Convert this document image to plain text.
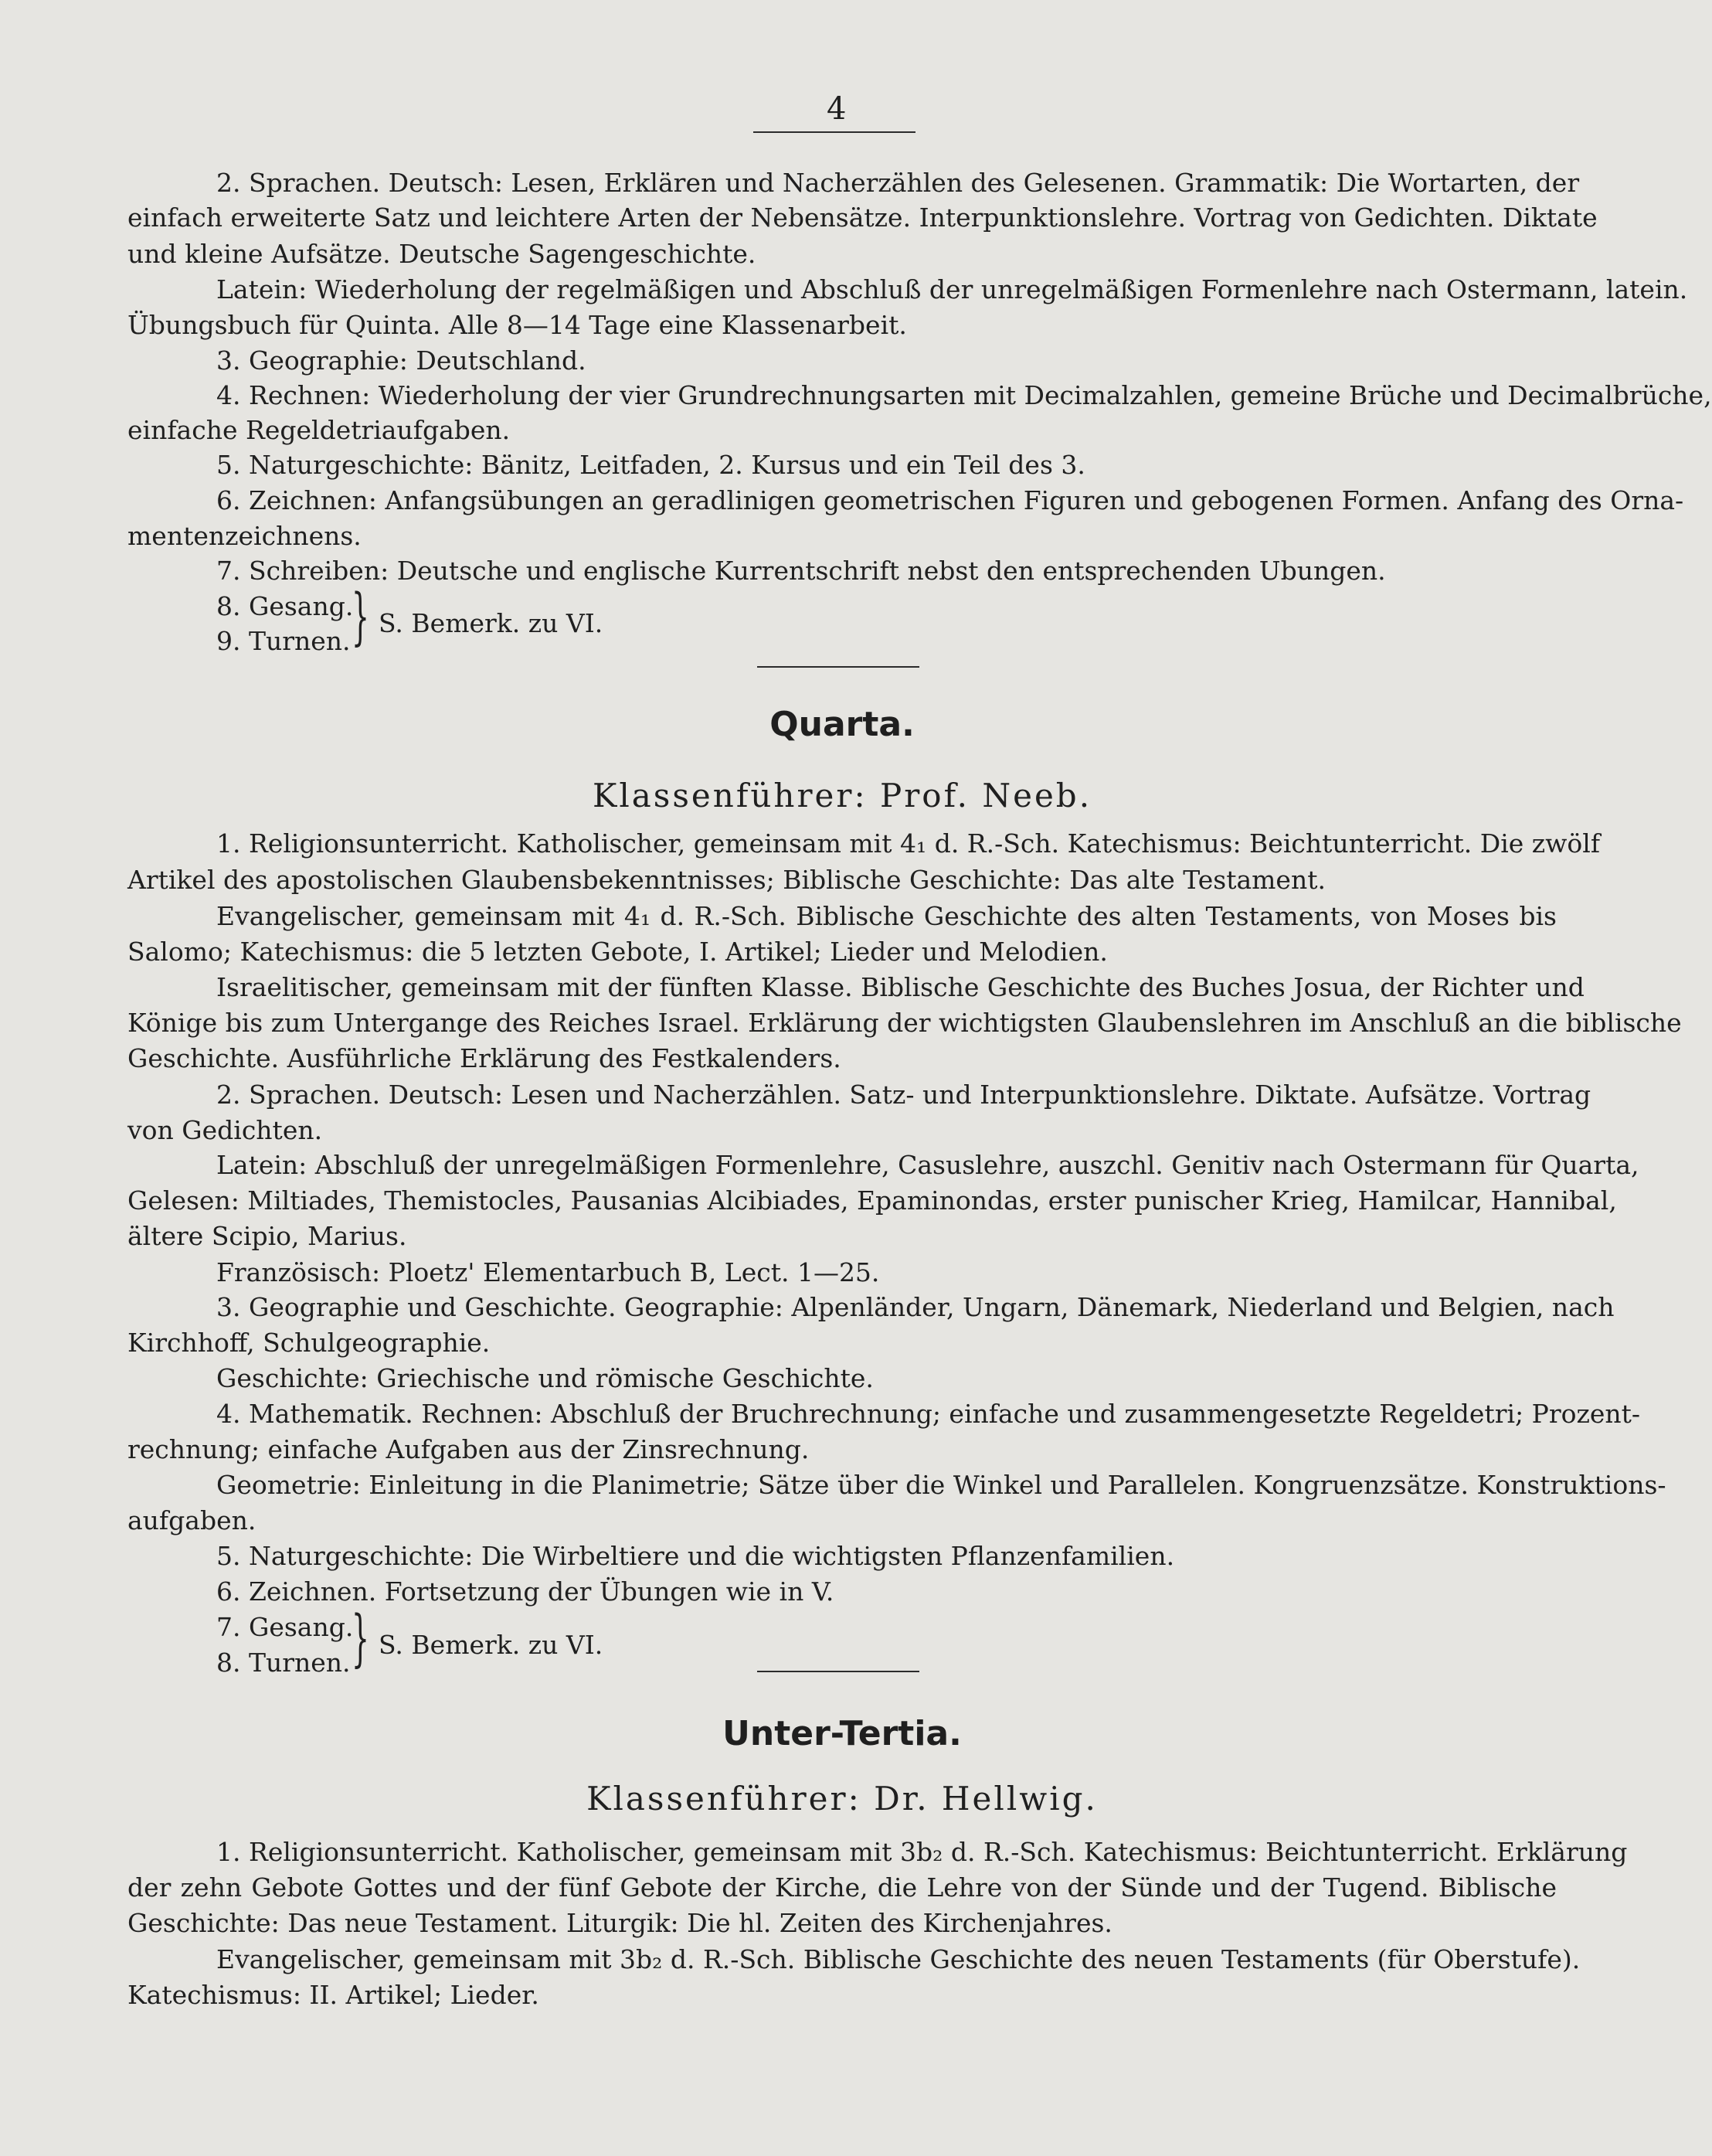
4
2. Sprachen. Deutsch: Lesen, Erklären und Nacherzählen des Gelesenen. Grammatik: Die Wortarten, der
einfach erweiterte Satz und leichtere Arten der Nebensätze. Interpunktionslehre. Vortrag von Gedichten. Diktate
und kleine Aufsätze. Deutsche Sagengeschichte.
Latein: Wiederholung der regelmäßigen und Abschluß der unregelmäßigen Formenlehre nach Ostermann, latein.
Übungsbuch für Quinta. Alle 8—14 Tage eine Klassenarbeit.
3. Geographie: Deutschland.
4. Rechnen: Wiederholung der vier Grundrechnungsarten mit Decimalzahlen, gemeine Brüche und Decimalbrüche,
einfache Regeldetriaufgaben.
5. Naturgeschichte: Bänitz, Leitfaden, 2. Kursus und ein Teil des 3.
6. Zeichnen: Anfangsübungen an geradlinigen geometrischen Figuren und gebogenen Formen. Anfang des Orna-
mentenzeichnens.
7. Schreiben: Deutsche und englische Kurrentschrift nebst den entsprechenden Ubungen.
8. Gesang.
9. Turnen. } S. Bemerk. zu VI.
Quarta.
Klassenführer: Prof. Neeb.
1. Religionsunterricht. Katholischer, gemeinsam mit 4₁ d. R.-Sch. Katechismus: Beichtunterricht. Die zwölf
Artikel des apostolischen Glaubensbekenntnisses; Biblische Geschichte: Das alte Testament.
Evangelischer, gemeinsam mit 4₁ d. R.-Sch. Biblische Geschichte des alten Testaments, von Moses bis
Salomo; Katechismus: die 5 letzten Gebote, I. Artikel; Lieder und Melodien.
Israelitischer, gemeinsam mit der fünften Klasse. Biblische Geschichte des Buches Josua, der Richter und
Könige bis zum Untergange des Reiches Israel. Erklärung der wichtigsten Glaubenslehren im Anschluß an die biblische
Geschichte. Ausführliche Erklärung des Festkalenders.
2. Sprachen. Deutsch: Lesen und Nacherzählen. Satz- und Interpunktionslehre. Diktate. Aufsätze. Vortrag
von Gedichten.
Latein: Abschluß der unregelmäßigen Formenlehre, Casuslehre, auszchl. Genitiv nach Ostermann für Quarta,
Gelesen: Miltiades, Themistocles, Pausanias Alcibiades, Epaminondas, erster punischer Krieg, Hamilcar, Hannibal,
ältere Scipio, Marius.
Französisch: Ploetz' Elementarbuch B, Lect. 1—25.
3. Geographie und Geschichte. Geographie: Alpenländer, Ungarn, Dänemark, Niederland und Belgien, nach
Kirchhoff, Schulgeographie.
Geschichte: Griechische und römische Geschichte.
4. Mathematik. Rechnen: Abschluß der Bruchrechnung; einfache und zusammengesetzte Regeldetri; Prozent-
rechnung; einfache Aufgaben aus der Zinsrechnung.
Geometrie: Einleitung in die Planimetrie; Sätze über die Winkel und Parallelen. Kongruenzsätze. Konstruktions-
aufgaben.
5. Naturgeschichte: Die Wirbeltiere und die wichtigsten Pflanzenfamilien.
6. Zeichnen. Fortsetzung der Übungen wie in V.
7. Gesang.
8. Turnen. } S. Bemerk. zu VI.
Unter-Tertia.
Klassenführer: Dr. Hellwig.
1. Religionsunterricht. Katholischer, gemeinsam mit 3b₂ d. R.-Sch. Katechismus: Beichtunterricht. Erklärung
der zehn Gebote Gottes und der fünf Gebote der Kirche, die Lehre von der Sünde und der Tugend. Biblische
Geschichte: Das neue Testament. Liturgik: Die hl. Zeiten des Kirchenjahres.
Evangelischer, gemeinsam mit 3b₂ d. R.-Sch. Biblische Geschichte des neuen Testaments (für Oberstufe).
Katechismus: II. Artikel; Lieder.
